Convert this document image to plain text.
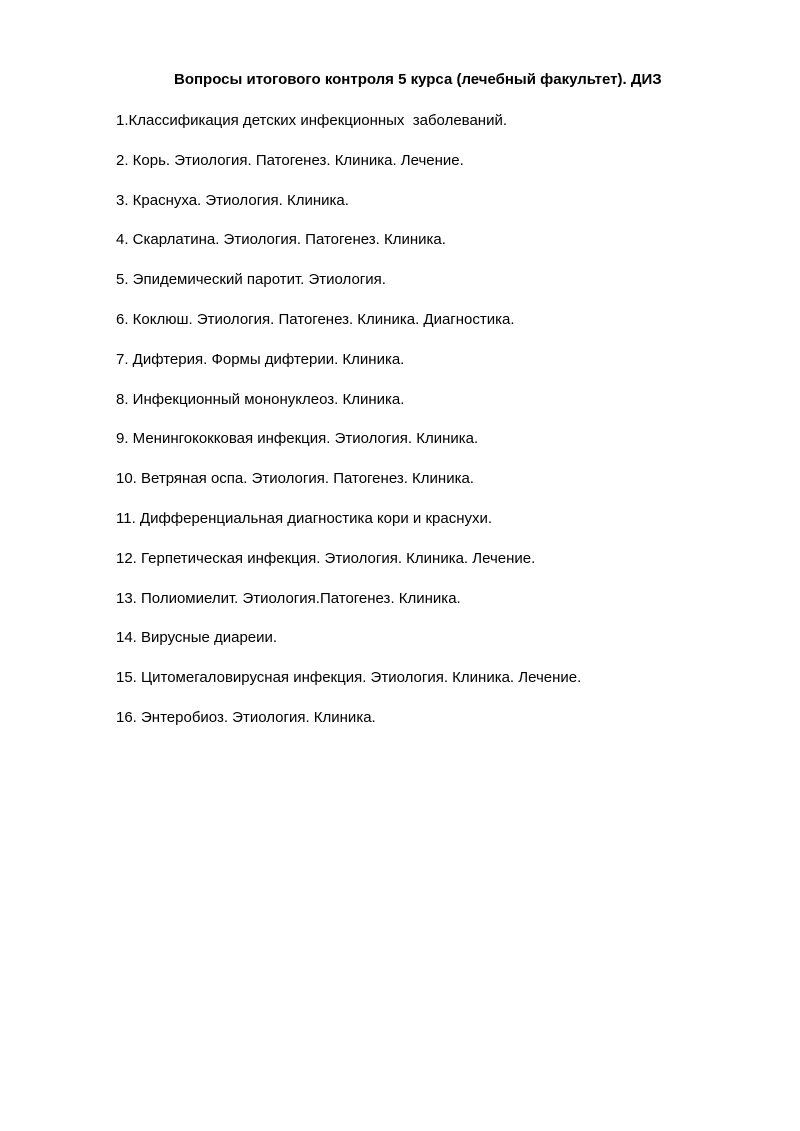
Вопросы итогового контроля 5 курса (лечебный факультет). ДИЗ
1.Классификация детских инфекционных  заболеваний.
2. Корь. Этиология. Патогенез. Клиника. Лечение.
3. Краснуха. Этиология. Клиника.
4. Скарлатина. Этиология. Патогенез. Клиника.
5. Эпидемический паротит. Этиология.
6. Коклюш. Этиология. Патогенез. Клиника. Диагностика.
7. Дифтерия. Формы дифтерии. Клиника.
8. Инфекционный мононуклеоз. Клиника.
9. Менингококковая инфекция. Этиология. Клиника.
10. Ветряная оспа. Этиология. Патогенез. Клиника.
11. Дифференциальная диагностика кори и краснухи.
12. Герпетическая инфекция. Этиология. Клиника. Лечение.
13. Полиомиелит. Этиология.Патогенез. Клиника.
14. Вирусные диареии.
15. Цитомегаловирусная инфекция. Этиология. Клиника. Лечение.
16. Энтеробиоз. Этиология. Клиника.
